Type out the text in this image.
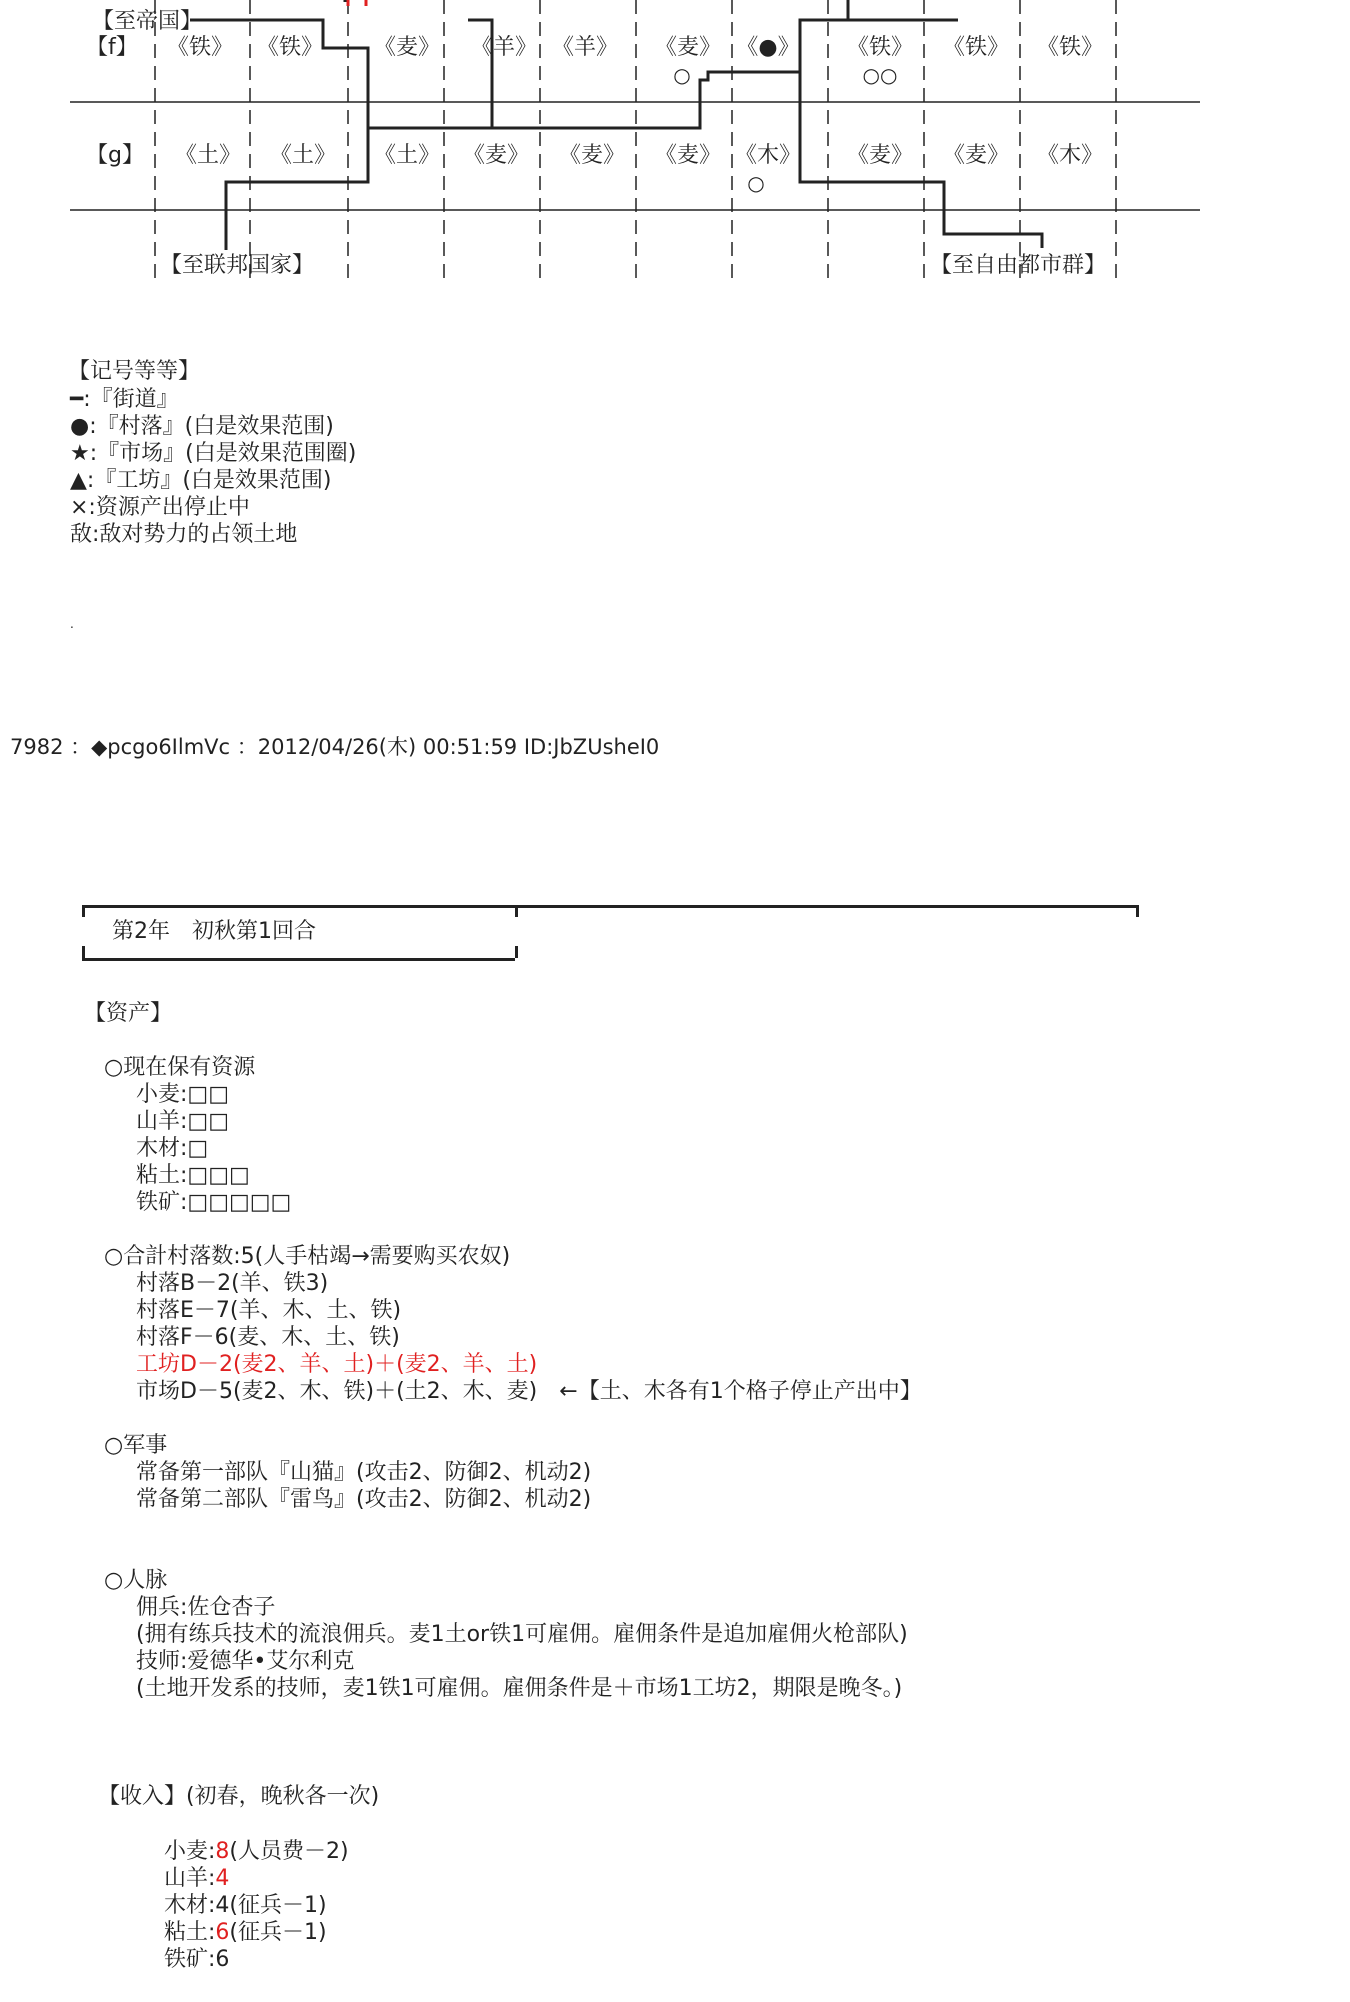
【至帝国】
【f】
【g】
《铁》 《铁》 《麦》 《羊》 《羊》 《麦》 《●》 《铁》 《铁》 《铁》
○	○○
《土》 《土》 《土》 《麦》 《麦》 《麦》 《木》 《麦》 《麦》 《木》
○
【至联邦国家】	【至自由都市群】
【记号等等】
━:『街道』
●:『村落』(白是效果范围)
★:『市场』(白是效果范围圈)
▲:『工坊』(白是效果范围)
×:资源产出停止中
敌:敌对势力的占领土地
.
7982 ：◆pcgo6IlmVc ：2012/04/26(木) 00:51:59 ID:JbZUsheI0
第2年　初秋第1回合
【资产】
○现在保有资源
小麦:□□
山羊:□□
木材:□
粘土:□□□
铁矿:□□□□□
○合計村落数:5(人手枯竭→需要购买农奴)
村落B－2(羊、铁3)
村落E－7(羊、木、土、铁)
村落F－6(麦、木、土、铁)
工坊D－2(麦2、羊、土)＋(麦2、羊、土)
市场D－5(麦2、木、铁)＋(土2、木、麦)　←【土、木各有1个格子停止产出中】
○军事
常备第一部队『山猫』(攻击2、防御2、机动2)
常备第二部队『雷鸟』(攻击2、防御2、机动2)
○人脉
佣兵:佐仓杏子
(拥有练兵技术的流浪佣兵。麦1土or铁1可雇佣。雇佣条件是追加雇佣火枪部队)
技师:爱德华•艾尔利克
(土地开发系的技师，麦1铁1可雇佣。雇佣条件是＋市场1工坊2，期限是晚冬。)
【收入】(初春，晚秋各一次)

小麦:8(人员费－2)

山羊:4

木材:4(征兵－1)

粘土:6(征兵－1)

铁矿:6
